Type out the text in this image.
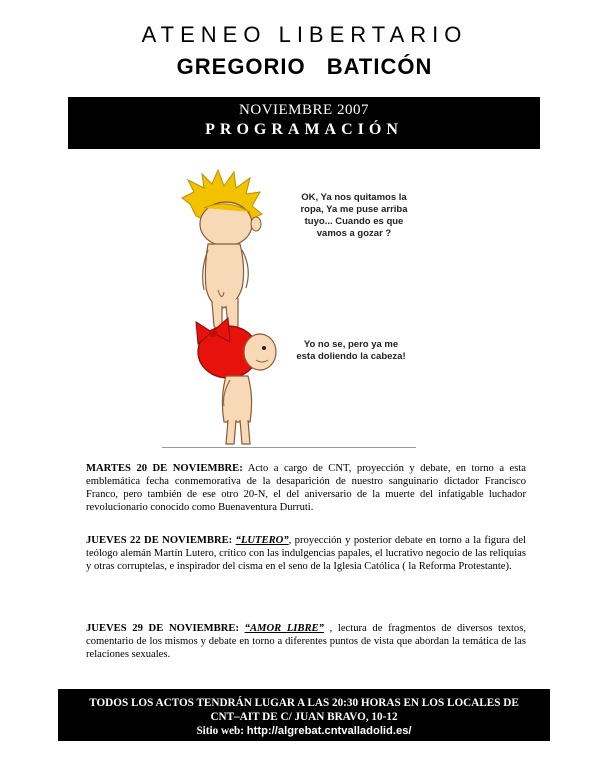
ATENEO LIBERTARIO
GREGORIO BATICÓN
NOVIEMBRE 2007
PROGRAMACIÓN
OK, Ya nos quitamos la ropa, Ya me puse arriba tuyo... Cuando es que vamos a gozar ?
Yo no se, pero ya me esta doliendo la cabeza!
MARTES 20 DE NOVIEMBRE: Acto a cargo de CNT, proyección y debate, en torno a esta emblemática fecha conmemorativa de la desaparición de nuestro sanguinario dictador Francisco Franco, pero también de ese otro 20-N, el del aniversario de la muerte del infatigable luchador revolucionario conocido como Buenaventura Durruti.
JUEVES 22 DE NOVIEMBRE: “LUTERO”, proyección y posterior debate en torno a la figura del teólogo alemán Martín Lutero, crítico con las indulgencias papales, el lucrativo negocio de las reliquias y otras corruptelas, e inspirador del cisma en el seno de la Iglesia Católica ( la Reforma Protestante).
JUEVES 29 DE NOVIEMBRE: “AMOR LIBRE” , lectura de fragmentos de diversos textos, comentario de los mismos y debate en torno a diferentes puntos de vista que abordan la temática de las relaciones sexuales.
TODOS LOS ACTOS TENDRÁN LUGAR A LAS 20:30 HORAS EN LOS LOCALES DE
CNT–AIT DE C/ JUAN BRAVO, 10-12
Sitio web: http://algrebat.cntvalladolid.es/
